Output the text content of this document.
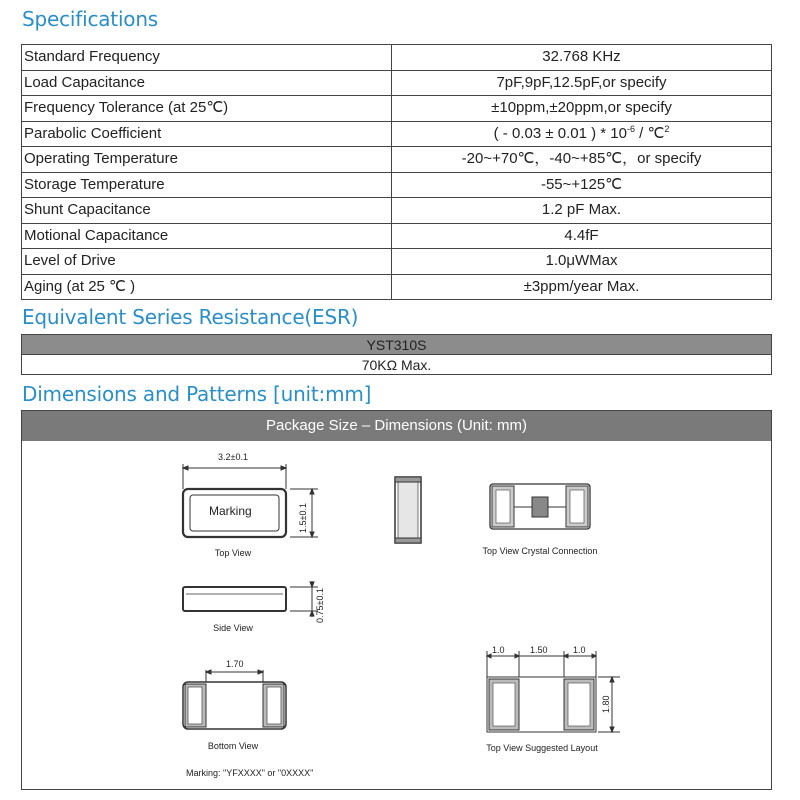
Specifications
Standard Frequency	32.768 KHz
Load Capacitance	7pF,9pF,12.5pF,or specify
Frequency Tolerance (at 25℃)	±10ppm,±20ppm,or specify
Parabolic Coefficient	( - 0.03 ± 0.01 ) * $10^{-6}$ / ℃$^2$
Operating Temperature	-20~+70℃，-40~+85℃，or specify
Storage Temperature	-55~+125℃
Shunt Capacitance	1.2 pF Max.
Motional Capacitance	4.4fF
Level of Drive	1.0μWMax
Aging (at 25 ℃ )	±3ppm/year Max.
Equivalent Series Resistance(ESR)
YST310S
70KΩ Max.
Dimensions and Patterns [unit:mm]
Package Size – Dimensions (Unit: mm)
3.2±0.1
1.5±0.1
Marking
Top View
0.75±0.1
Side View
1.70
Bottom View
Top View Crystal Connection
1.0	1.50	1.0
1.80
Top View Suggested Layout
Marking: "YFXXXX" or "0XXXX"
